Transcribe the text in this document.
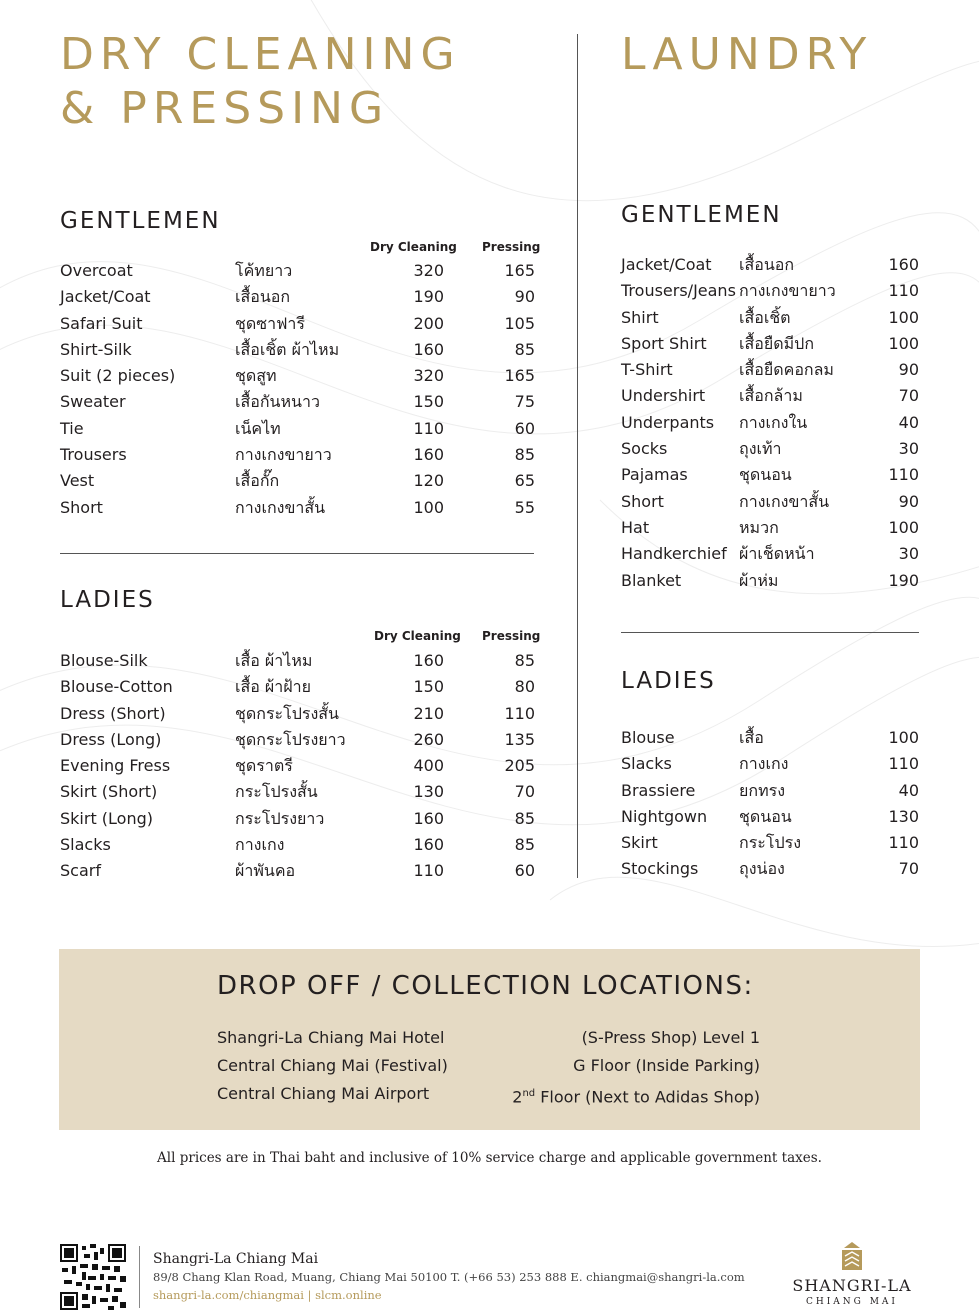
DRY CLEANING
& PRESSING
LAUNDRY
GENTLEMEN
Dry Cleaning Pressing
Overcoat	โค้ทยาว	320	165
Jacket/Coat	เสื้อนอก	190	90
Safari Suit	ชุดซาฟารี	200	105
Shirt-Silk	เสื้อเชิ้ต ผ้าไหม	160	85
Suit (2 pieces)	ชุดสูท	320	165
Sweater	เสื้อกันหนาว	150	75
Tie	เน็คไท	110	60
Trousers	กางเกงขายาว	160	85
Vest	เสื้อกั๊ก	120	65
Short	กางเกงขาสั้น	100	55
LADIES
Dry Cleaning Pressing
Blouse-Silk	เสื้อ ผ้าไหม	160	85
Blouse-Cotton	เสื้อ ผ้าฝ้าย	150	80
Dress (Short)	ชุดกระโปรงสั้น	210	110
Dress (Long)	ชุดกระโปรงยาว	260	135
Evening Fress	ชุดราตรี	400	205
Skirt (Short)	กระโปรงสั้น	130	70
Skirt (Long)	กระโปรงยาว	160	85
Slacks	กางเกง	160	85
Scarf	ผ้าพันคอ	110	60
GENTLEMEN
Jacket/Coat เสื้อนอก	160
Trousers/Jeans กางเกงขายาว	110
Shirt	เสื้อเชิ้ต	100
Sport Shirt เสื้อยืดมีปก	100
T-Shirt	เสื้อยืดคอกลม	90
Undershirt เสื้อกล้าม	70
Underpants กางเกงใน	40
Socks	ถุงเท้า	30
Pajamas	ชุดนอน	110
Short	กางเกงขาสั้น	90
Hat	หมวก	100
Handkerchief ผ้าเช็ดหน้า	30
Blanket	ผ้าห่ม	190
LADIES
Blouse	เสื้อ	100
Slacks	กางเกง	110
Brassiere	ยกทรง	40
Nightgown ชุดนอน	130
Skirt	กระโปรง	110
Stockings	ถุงน่อง	70
DROP OFF / COLLECTION LOCATIONS:
Shangri-La Chiang Mai Hotel	(S-Press Shop) Level 1
Central Chiang Mai (Festival)	G Floor (Inside Parking)
Central Chiang Mai Airport	2nd Floor (Next to Adidas Shop)
All prices are in Thai baht and inclusive of 10% service charge and applicable government taxes.
Shangri-La Chiang Mai
89/8 Chang Klan Road, Muang, Chiang Mai 50100 T. (+66 53) 253 888 E. chiangmai@shangri-la.com
shangri-la.com/chiangmai | slcm.online	SHANGRI-LA
CHIANG MAI
